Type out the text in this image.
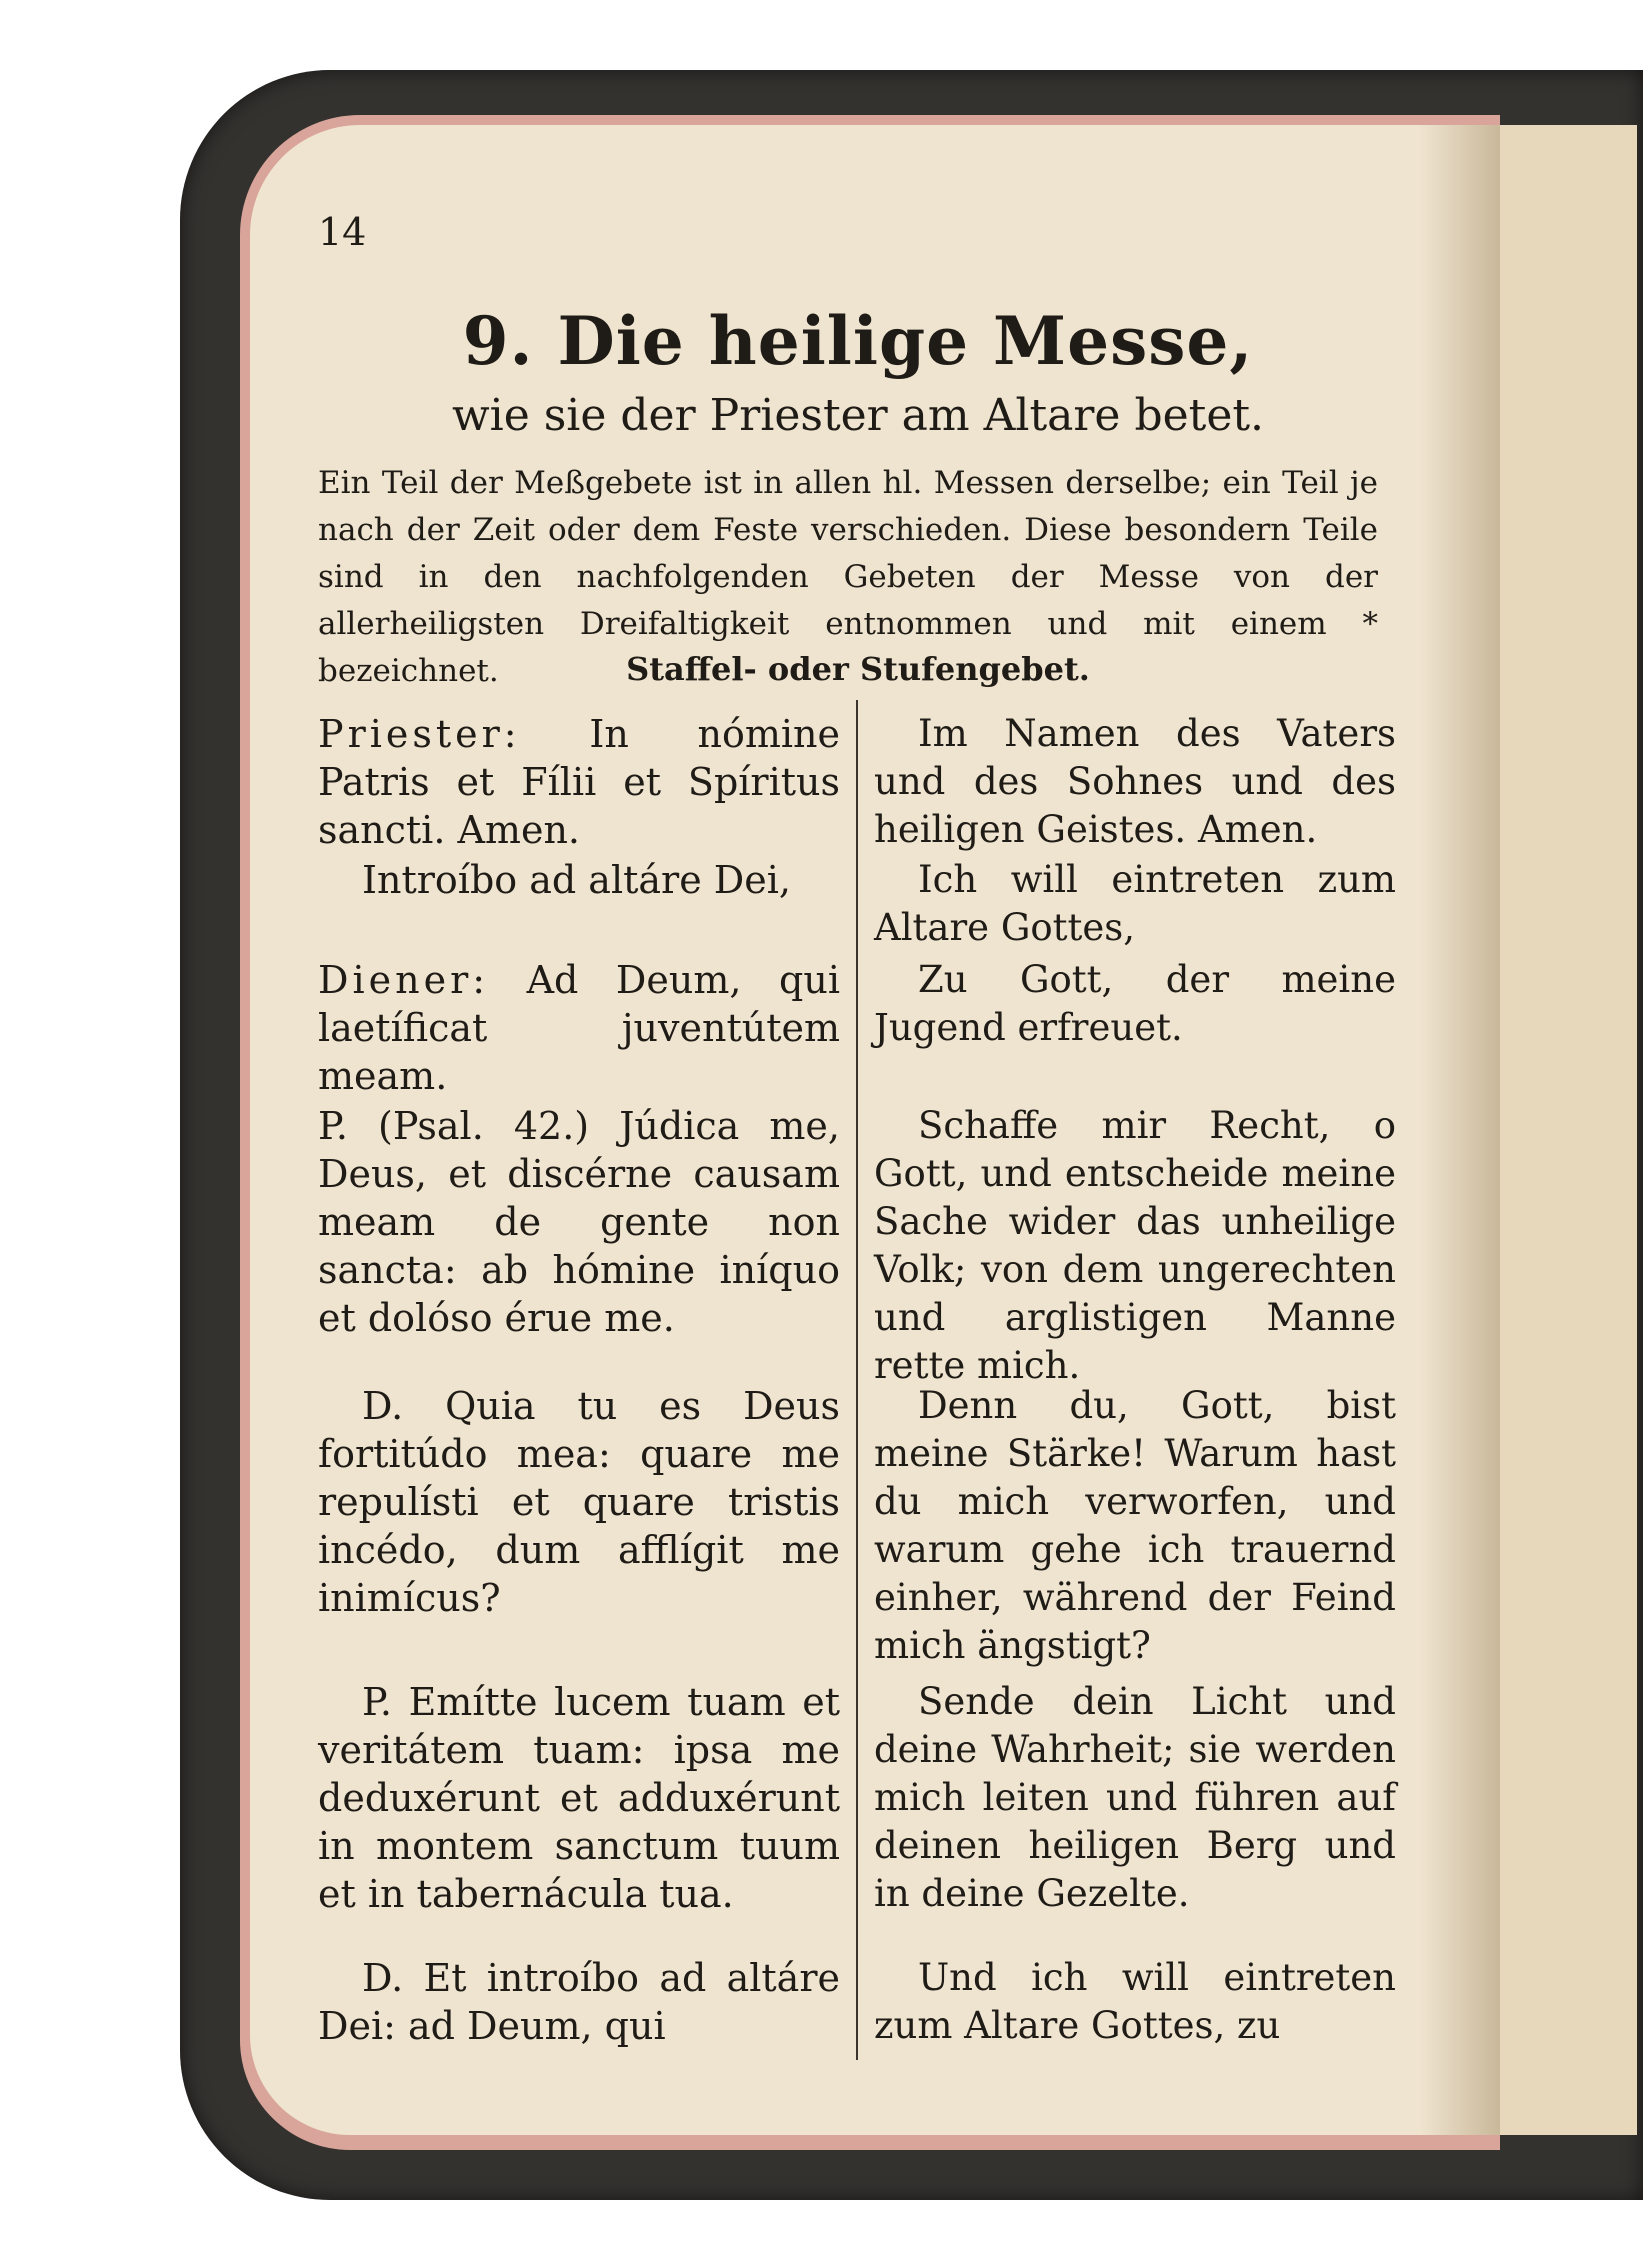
14
9. Die heilige Messe,
wie sie der Priester am Altare betet.
Ein Teil der Meßgebete ist in allen hl. Messen derselbe; ein Teil je nach der Zeit oder dem Feste verschieden. Diese besondern Teile sind in den nachfolgenden Gebeten der Messe von der allerheiligsten Dreifaltigkeit entnommen und mit einem * bezeichnet.	Staffel- oder Stufengebet.

Priester: In nómine Patris et Fílii et Spíritus sancti. Amen.

Introíbo ad altáre Dei,

Diener: Ad Deum, qui laetíficat juventútem meam.

P. (Psal. 42.) Júdica me, Deus, et discérne causam meam de gente non sancta: ab hómine iníquo et dolóso érue me.

D. Quia tu es Deus fortitúdo mea: quare me repulísti et quare tristis incédo, dum afflígit me inimícus?

P. Emítte lucem tuam et veritátem tuam: ipsa me deduxérunt et adduxérunt in montem sanctum tuum et in tabernácula tua.

D. Et introíbo ad altáre Dei: ad Deum, qui

Im Namen des Vaters und des Sohnes und des heiligen Geistes. Amen.

Ich will eintreten zum Altare Gottes,

Zu Gott, der meine Jugend erfreuet.

Schaffe mir Recht, o Gott, und entscheide meine Sache wider das unheilige Volk; von dem ungerechten und arglistigen Manne rette mich.

Denn du, Gott, bist meine Stärke! Warum hast du mich verworfen, und warum gehe ich trauernd einher, während der Feind mich ängstigt?

Sende dein Licht und deine Wahrheit; sie werden mich leiten und führen auf deinen heiligen Berg und in deine Gezelte.

Und ich will eintreten zum Altare Gottes, zu
